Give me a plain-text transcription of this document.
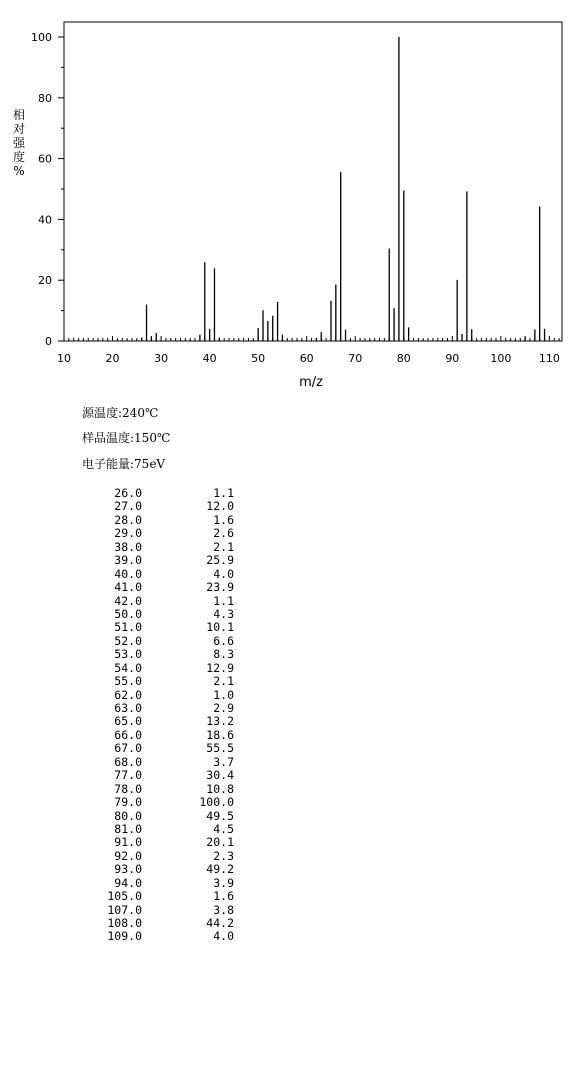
10	20	30	40	50	60	70	80	90	100	110
0
20
40
60
80
100
m/z
相
对
强
度
%
源温度:240℃
样品温度:150℃
电子能量:75eV
26.0	1.1
27.0	12.0
28.0	1.6
29.0	2.6
38.0	2.1
39.0	25.9
40.0	4.0
41.0	23.9
42.0	1.1
50.0	4.3
51.0	10.1
52.0	6.6
53.0	8.3
54.0	12.9
55.0	2.1
62.0	1.0
63.0	2.9
65.0	13.2
66.0	18.6
67.0	55.5
68.0	3.7
77.0	30.4
78.0	10.8
79.0	100.0
80.0	49.5
81.0	4.5
91.0	20.1
92.0	2.3
93.0	49.2
94.0	3.9
105.0	1.6
107.0	3.8
108.0	44.2
109.0	4.0
